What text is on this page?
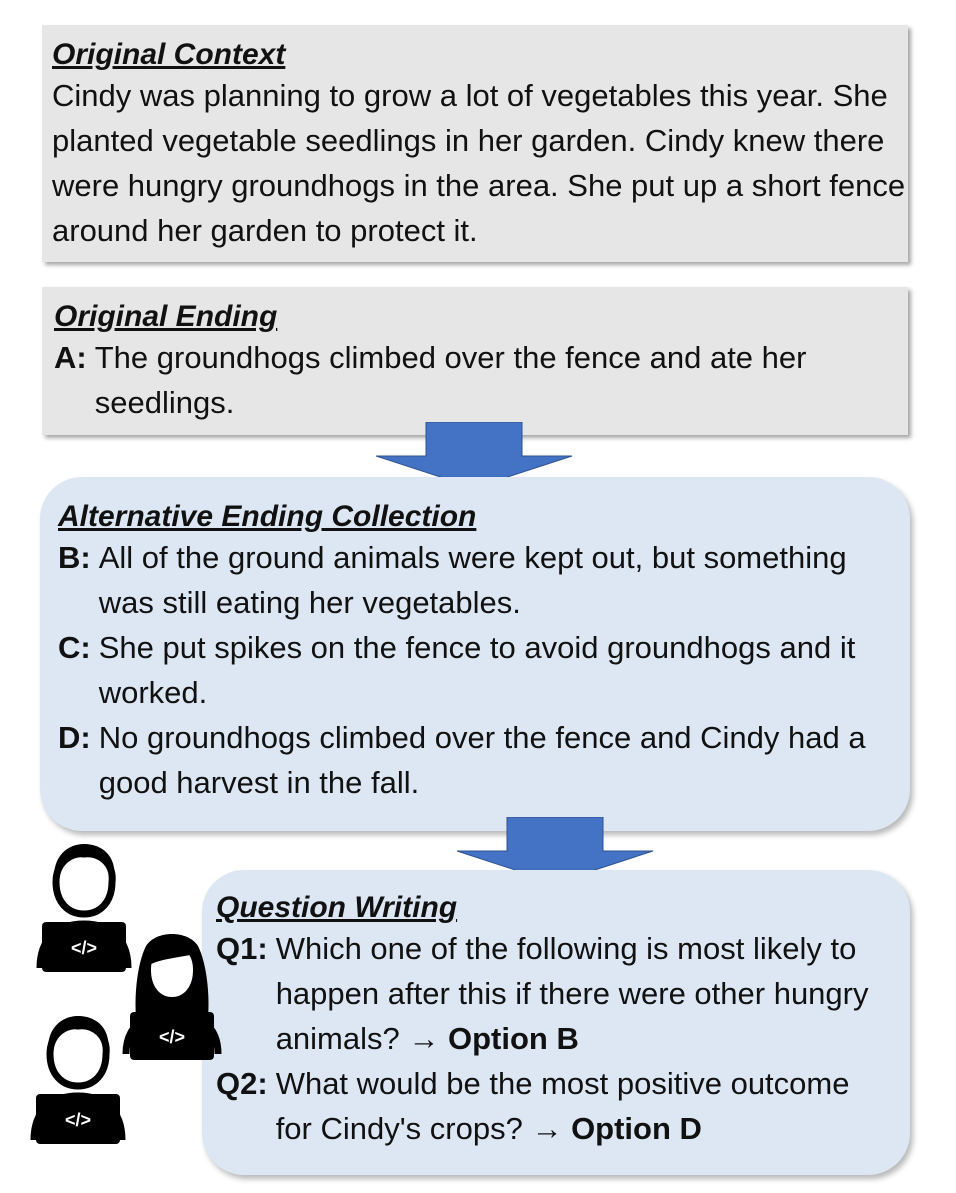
Original Context
Cindy was planning to grow a lot of vegetables this year. She planted vegetable seedlings in her garden. Cindy knew there were hungry groundhogs in the area. She put up a short fence around her garden to protect it.
Original Ending
A: The groundhogs climbed over the fence and ate her seedlings.
Alternative Ending Collection
B: All of the ground animals were kept out, but something was still eating her vegetables.
C: She put spikes on the fence to avoid groundhogs and it worked.
D: No groundhogs climbed over the fence and Cindy had a good harvest in the fall.
Question Writing
Q1: Which one of the following is most likely to happen after this if there were other hungry animals? → Option B
Q2: What would be the most positive outcome for Cindy's crops? → Option D
</>
</>
</>
